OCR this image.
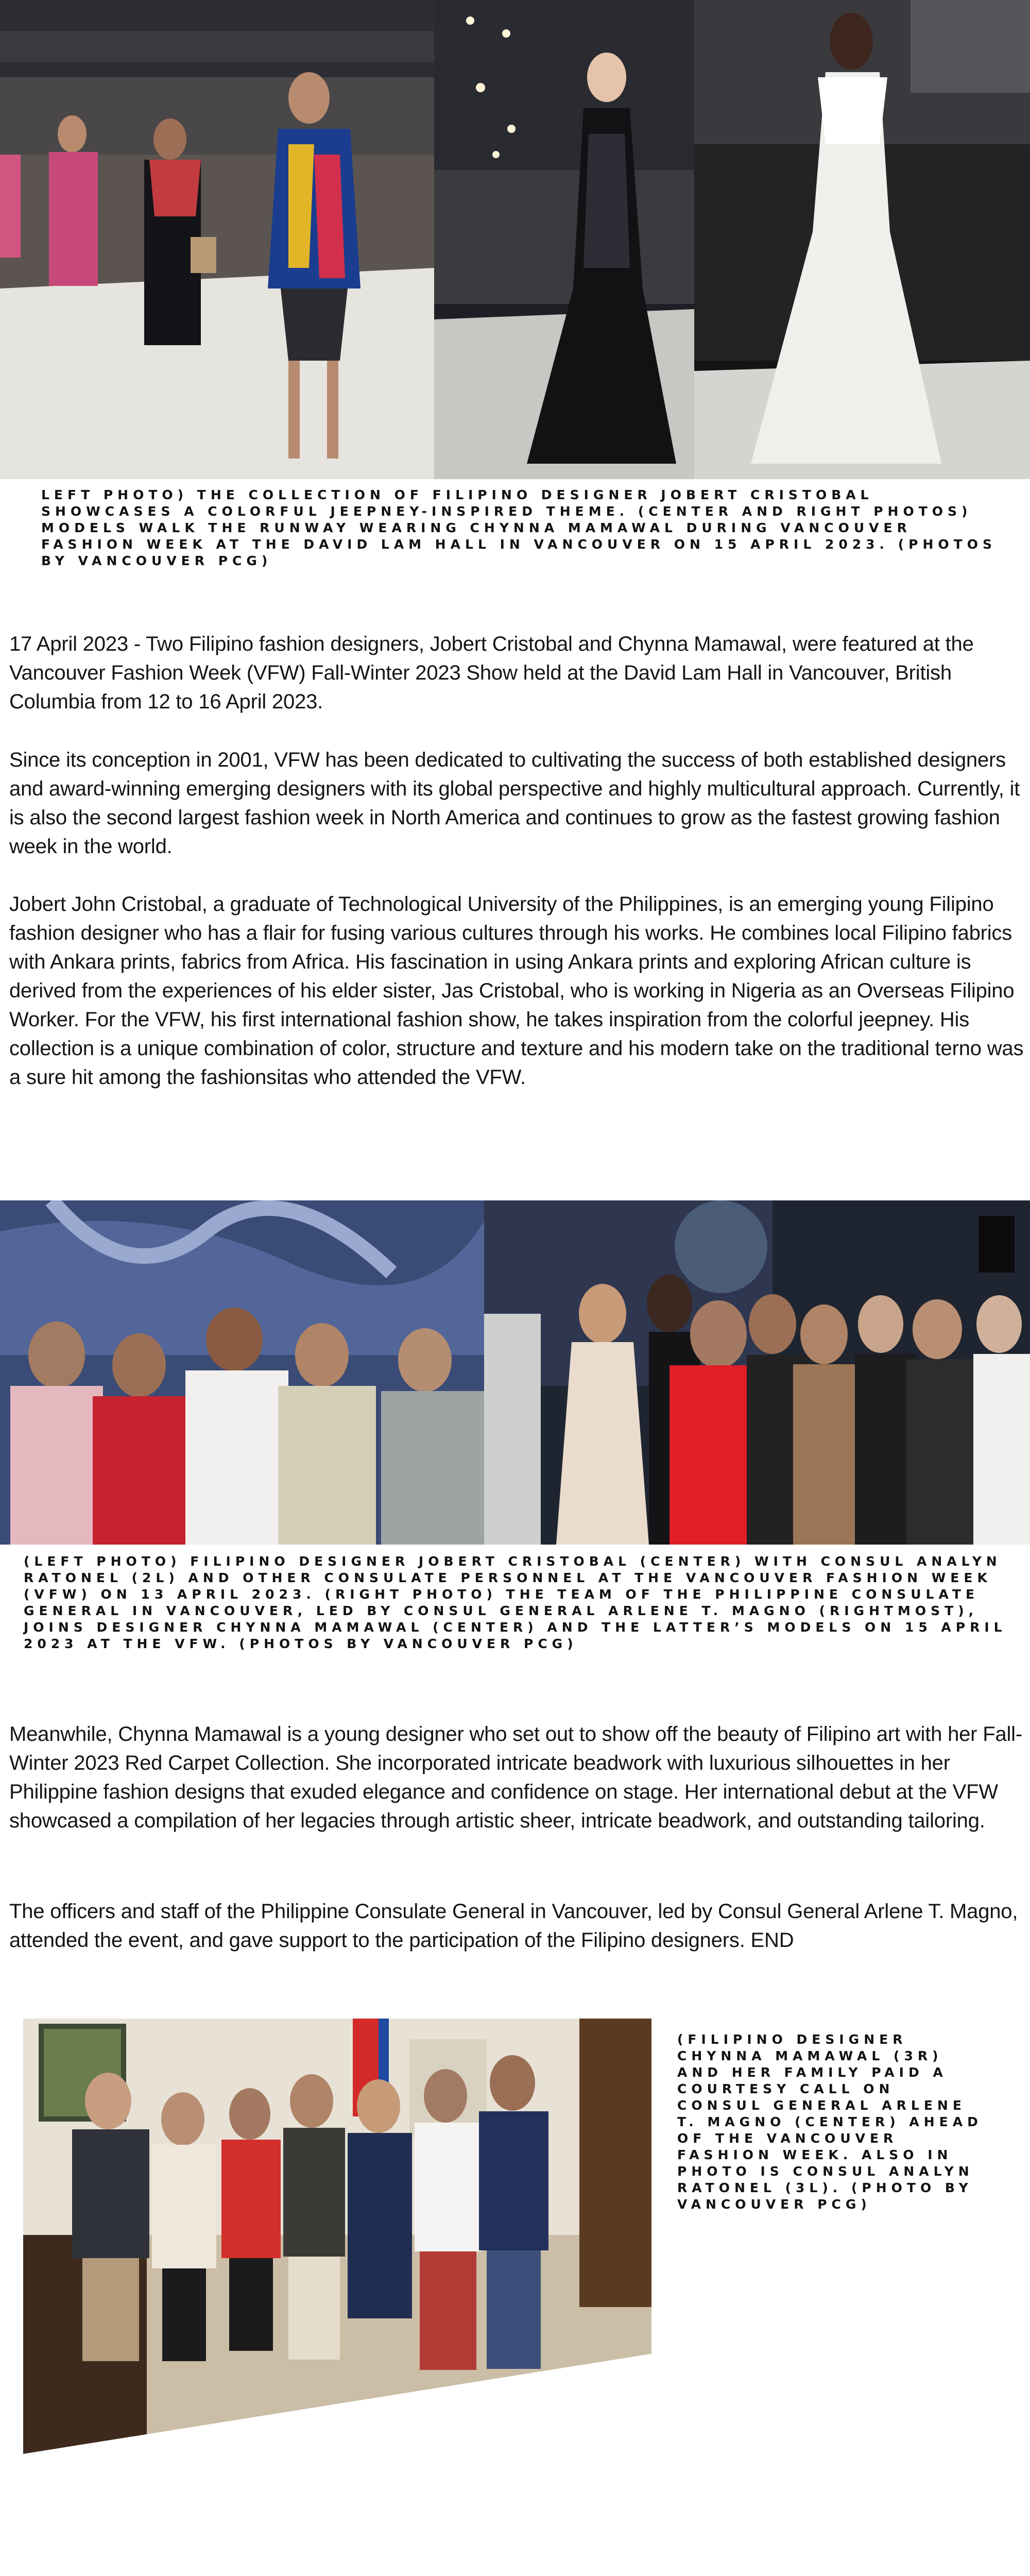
LEFT PHOTO) THE COLLECTION OF FILIPINO DESIGNER JOBERT CRISTOBAL SHOWCASES A COLORFUL JEEPNEY-INSPIRED THEME. (CENTER AND RIGHT PHOTOS) MODELS WALK THE RUNWAY WEARING CHYNNA MAMAWAL DURING VANCOUVER FASHION WEEK AT THE DAVID LAM HALL IN VANCOUVER ON 15 APRIL 2023. (PHOTOS BY VANCOUVER PCG)

17 April 2023 - Two Filipino fashion designers, Jobert Cristobal and Chynna Mamawal, were featured at the Vancouver Fashion Week (VFW) Fall-Winter 2023 Show held at the David Lam Hall in Vancouver, British Columbia from 12 to 16 April 2023.

Since its conception in 2001, VFW has been dedicated to cultivating the success of both established designers and award-winning emerging designers with its global perspective and highly multicultural approach. Currently, it is also the second largest fashion week in North America and continues to grow as the fastest growing fashion week in the world.

Jobert John Cristobal, a graduate of Technological University of the Philippines, is an emerging young Filipino fashion designer who has a flair for fusing various cultures through his works. He combines local Filipino fabrics with Ankara prints, fabrics from Africa. His fascination in using Ankara prints and exploring African culture is derived from the experiences of his elder sister, Jas Cristobal, who is working in Nigeria as an Overseas Filipino Worker. For the VFW, his first international fashion show, he takes inspiration from the colorful jeepney. His collection is a unique combination of color, structure and texture and his modern take on the traditional terno was a sure hit among the fashionsitas who attended the VFW.

(LEFT PHOTO) FILIPINO DESIGNER JOBERT CRISTOBAL (CENTER) WITH CONSUL ANALYN RATONEL (2L) AND OTHER CONSULATE PERSONNEL AT THE VANCOUVER FASHION WEEK (VFW) ON 13 APRIL 2023. (RIGHT PHOTO) THE TEAM OF THE PHILIPPINE CONSULATE GENERAL IN VANCOUVER, LED BY CONSUL GENERAL ARLENE T. MAGNO (RIGHTMOST), JOINS DESIGNER CHYNNA MAMAWAL (CENTER) AND THE LATTER’S MODELS ON 15 APRIL 2023 AT THE VFW. (PHOTOS BY VANCOUVER PCG)

Meanwhile, Chynna Mamawal is a young designer who set out to show off the beauty of Filipino art with her Fall-Winter 2023 Red Carpet Collection. She incorporated intricate beadwork with luxurious silhouettes in her Philippine fashion designs that exuded elegance and confidence on stage. Her international debut at the VFW showcased a compilation of her legacies through artistic sheer, intricate beadwork, and outstanding tailoring.

The officers and staff of the Philippine Consulate General in Vancouver, led by Consul General Arlene T. Magno, attended the event, and gave support to the participation of the Filipino designers. END

(FILIPINO DESIGNER CHYNNA MAMAWAL (3R) AND HER FAMILY PAID A COURTESY CALL ON CONSUL GENERAL ARLENE T. MAGNO (CENTER) AHEAD OF THE VANCOUVER FASHION WEEK. ALSO IN PHOTO IS CONSUL ANALYN RATONEL (3L). (PHOTO BY VANCOUVER PCG)
